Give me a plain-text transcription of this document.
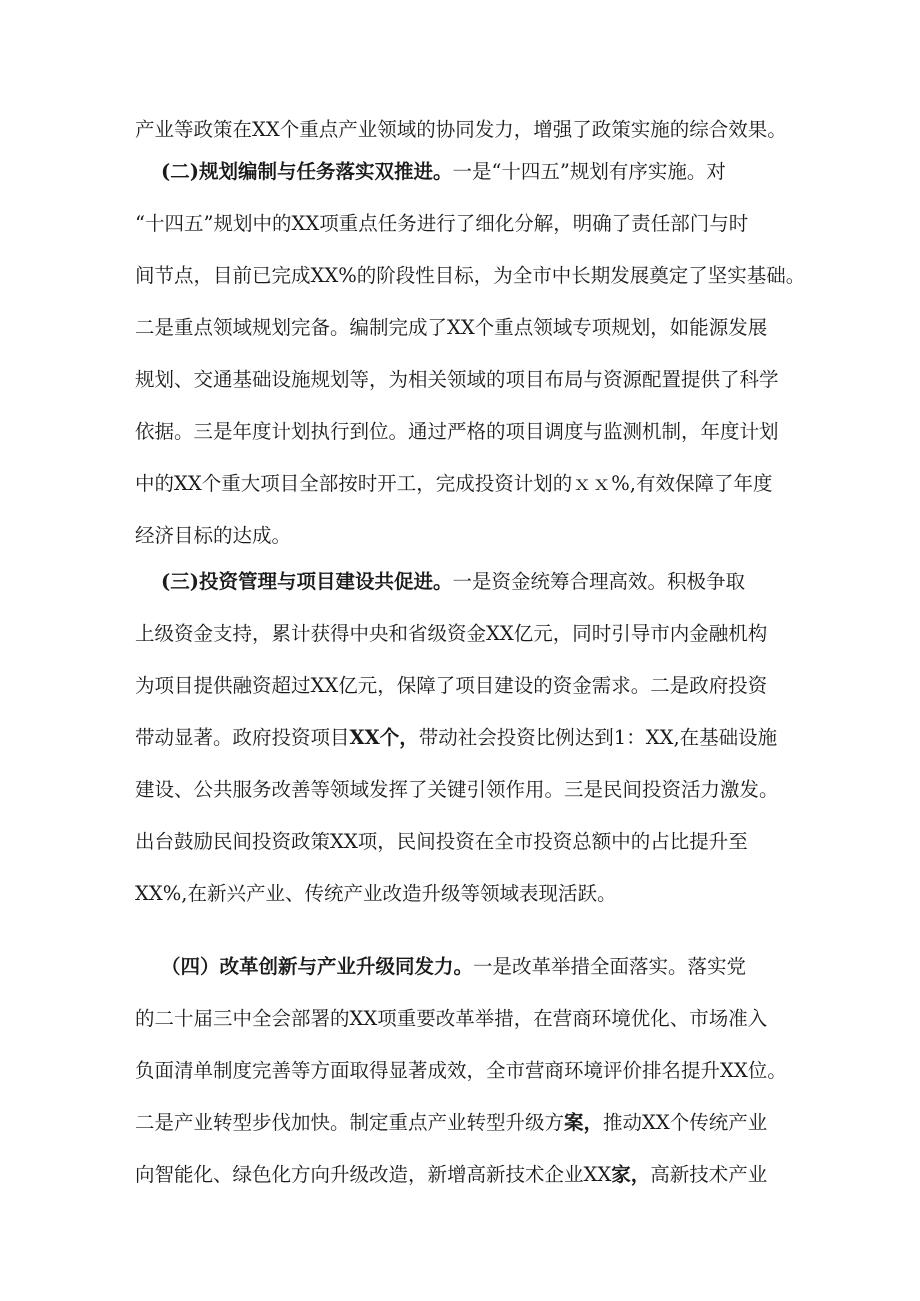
产业等政策在XX个重点产业领域的协同发力，增强了政策实施的综合效果。
(二)规划编制与任务落实双推进。一是“十四五”规划有序实施。对
“十四五”规划中的XX项重点任务进行了细化分解，明确了责任部门与时
间节点，目前已完成XX%的阶段性目标，为全市中长期发展奠定了坚实基础。
二是重点领域规划完备。编制完成了XX个重点领域专项规划，如能源发展
规划、交通基础设施规划等，为相关领域的项目布局与资源配置提供了科学
依据。三是年度计划执行到位。通过严格的项目调度与监测机制，年度计划
中的XX个重大项目全部按时开工，完成投资计划的ｘｘ%,有效保障了年度
经济目标的达成。
(三)投资管理与项目建设共促进。一是资金统筹合理高效。积极争取
上级资金支持，累计获得中央和省级资金XX亿元，同时引导市内金融机构
为项目提供融资超过XX亿元，保障了项目建设的资金需求。二是政府投资
带动显著。政府投资项目XX个，带动社会投资比例达到1：XX,在基础设施
建设、公共服务改善等领域发挥了关键引领作用。三是民间投资活力激发。
出台鼓励民间投资政策XX项，民间投资在全市投资总额中的占比提升至
XX%,在新兴产业、传统产业改造升级等领域表现活跃。
（四）改革创新与产业升级同发力。一是改革举措全面落实。落实党
的二十届三中全会部署的XX项重要改革举措，在营商环境优化、市场准入
负面清单制度完善等方面取得显著成效，全市营商环境评价排名提升XX位。
二是产业转型步伐加快。制定重点产业转型升级方案，推动XX个传统产业
向智能化、绿色化方向升级改造，新增高新技术企业XX家，高新技术产业
